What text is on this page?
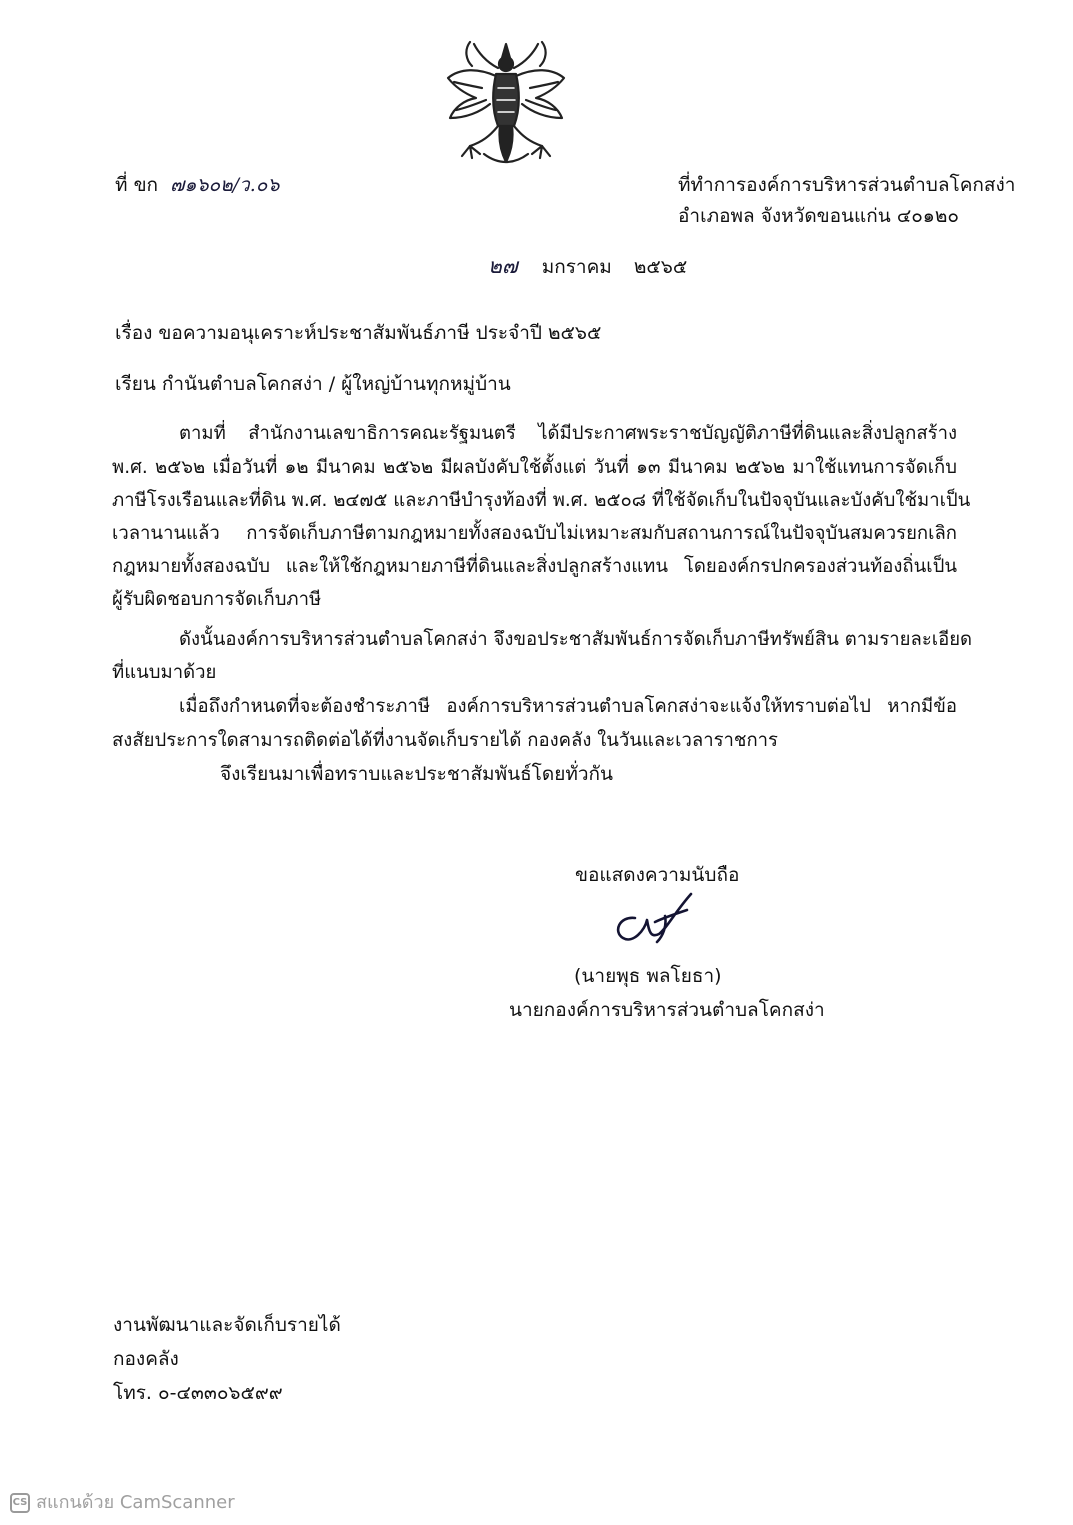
ที่ ขก ๗๑๖๐๒/ว.๐๖	ที่ทำการองค์การบริหารส่วนตำบลโคกสง่า
อำเภอพล จังหวัดขอนแก่น ๔๐๑๒๐
๒๗ มกราคม ๒๕๖๕
เรื่อง ขอความอนุเคราะห์ประชาสัมพันธ์ภาษี ประจำปี ๒๕๖๕
เรียน กำนันตำบลโคกสง่า / ผู้ใหญ่บ้านทุกหมู่บ้าน
ตามที่ สำนักงานเลขาธิการคณะรัฐมนตรี ได้มีประกาศพระราชบัญญัติภาษีที่ดินและสิ่งปลูกสร้าง
พ.ศ. ๒๕๖๒ เมื่อวันที่ ๑๒ มีนาคม ๒๕๖๒ มีผลบังคับใช้ตั้งแต่ วันที่ ๑๓ มีนาคม ๒๕๖๒ มาใช้แทนการจัดเก็บ
ภาษีโรงเรือนและที่ดิน พ.ศ. ๒๔๗๕ และภาษีบำรุงท้องที่ พ.ศ. ๒๕๐๘ ที่ใช้จัดเก็บในปัจจุบันและบังคับใช้มาเป็น
เวลานานแล้ว การจัดเก็บภาษีตามกฎหมายทั้งสองฉบับไม่เหมาะสมกับสถานการณ์ในปัจจุบันสมควรยกเลิก
กฎหมายทั้งสองฉบับ และให้ใช้กฎหมายภาษีที่ดินและสิ่งปลูกสร้างแทน โดยองค์กรปกครองส่วนท้องถิ่นเป็น
ผู้รับผิดชอบการจัดเก็บภาษี
ดังนั้นองค์การบริหารส่วนตำบลโคกสง่า จึงขอประชาสัมพันธ์การจัดเก็บภาษีทรัพย์สิน ตามรายละเอียด
ที่แนบมาด้วย
เมื่อถึงกำหนดที่จะต้องชำระภาษี องค์การบริหารส่วนตำบลโคกสง่าจะแจ้งให้ทราบต่อไป หากมีข้อ
สงสัยประการใดสามารถติดต่อได้ที่งานจัดเก็บรายได้ กองคลัง ในวันและเวลาราชการ
จึงเรียนมาเพื่อทราบและประชาสัมพันธ์โดยทั่วกัน
ขอแสดงความนับถือ
(นายพุธ พลโยธา)
นายกองค์การบริหารส่วนตำบลโคกสง่า
งานพัฒนาและจัดเก็บรายได้
กองคลัง
โทร. ๐-๔๓๓๐๖๕๙๙
CS สแกนด้วย CamScanner
